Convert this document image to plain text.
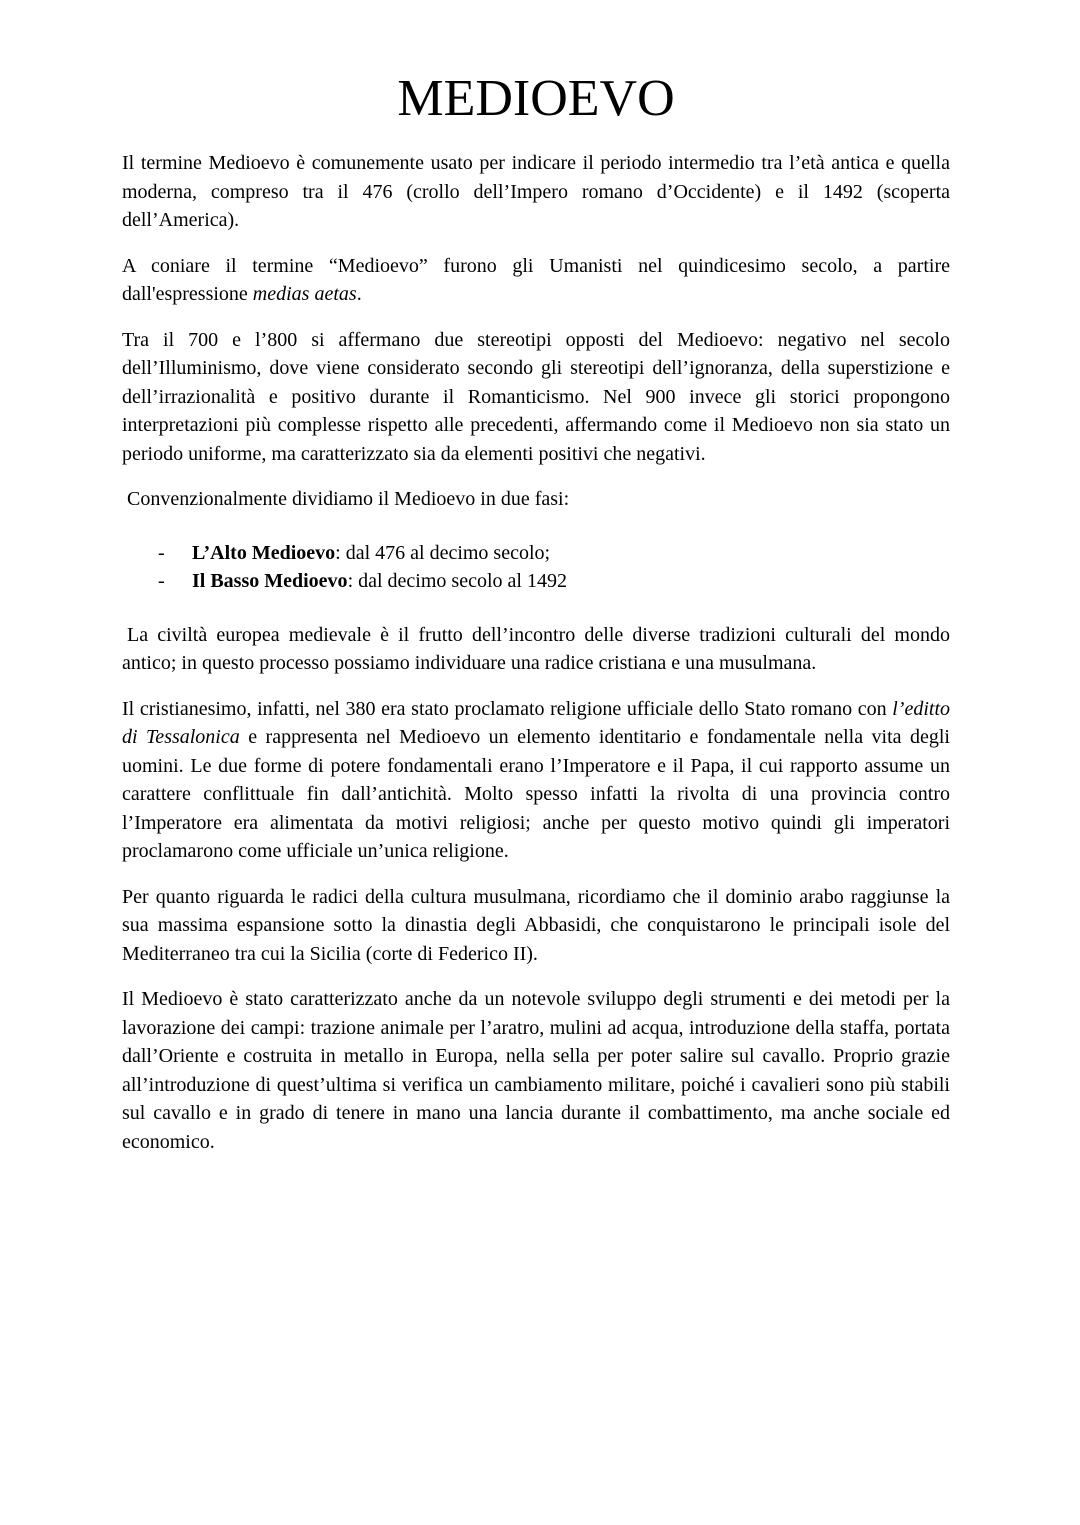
MEDIOEVO

Il termine Medioevo è comunemente usato per indicare il periodo intermedio tra l’età antica e quella moderna, compreso tra il 476 (crollo dell’Impero romano d’Occidente) e il 1492 (scoperta dell’America).

A coniare il termine “Medioevo” furono gli Umanisti nel quindicesimo secolo, a partire dall'espressione medias aetas.

Tra il 700 e l’800 si affermano due stereotipi opposti del Medioevo: negativo nel secolo dell’Illuminismo, dove viene considerato secondo gli stereotipi dell’ignoranza, della superstizione e dell’irrazionalità e positivo durante il Romanticismo. Nel 900 invece gli storici propongono interpretazioni più complesse rispetto alle precedenti, affermando come il Medioevo non sia stato un periodo uniforme, ma caratterizzato sia da elementi positivi che negativi.

Convenzionalmente dividiamo il Medioevo in due fasi:

-	L’Alto Medioevo: dal 476 al decimo secolo;
-	Il Basso Medioevo: dal decimo secolo al 1492

La civiltà europea medievale è il frutto dell’incontro delle diverse tradizioni culturali del mondo antico; in questo processo possiamo individuare una radice cristiana e una musulmana.

Il cristianesimo, infatti, nel 380 era stato proclamato religione ufficiale dello Stato romano con l’editto di Tessalonica e rappresenta nel Medioevo un elemento identitario e fondamentale nella vita degli uomini. Le due forme di potere fondamentali erano l’Imperatore e il Papa, il cui rapporto assume un carattere conflittuale fin dall’antichità. Molto spesso infatti la rivolta di una provincia contro l’Imperatore era alimentata da motivi religiosi; anche per questo motivo quindi gli imperatori proclamarono come ufficiale un’unica religione.

Per quanto riguarda le radici della cultura musulmana, ricordiamo che il dominio arabo raggiunse la sua massima espansione sotto la dinastia degli Abbasidi, che conquistarono le principali isole del Mediterraneo tra cui la Sicilia (corte di Federico II).

Il Medioevo è stato caratterizzato anche da un notevole sviluppo degli strumenti e dei metodi per la lavorazione dei campi: trazione animale per l’aratro, mulini ad acqua, introduzione della staffa, portata dall’Oriente e costruita in metallo in Europa, nella sella per poter salire sul cavallo. Proprio grazie all’introduzione di quest’ultima si verifica un cambiamento militare, poiché i cavalieri sono più stabili sul cavallo e in grado di tenere in mano una lancia durante il combattimento, ma anche sociale ed economico.
